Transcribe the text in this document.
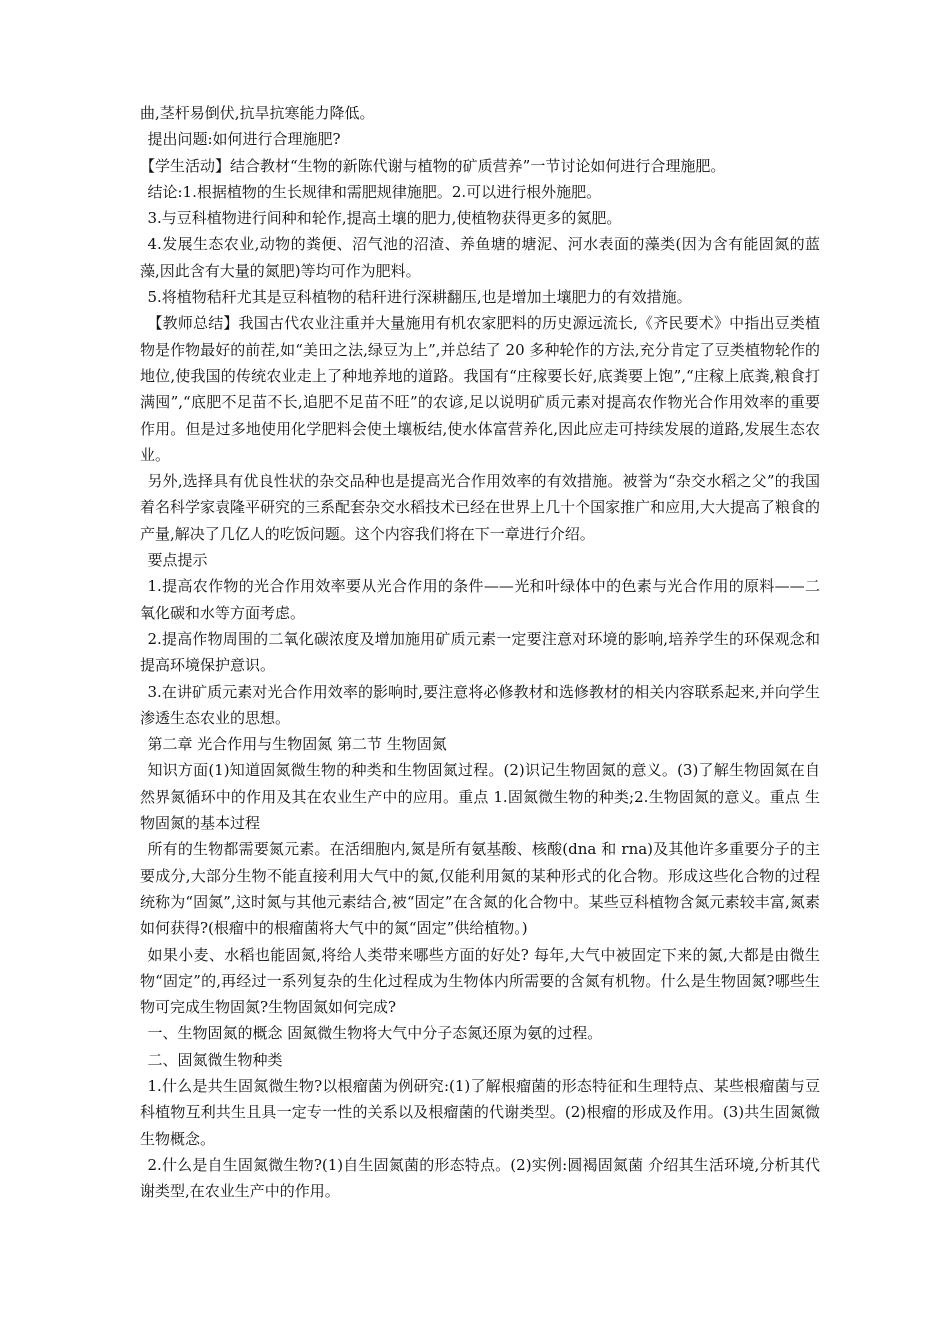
曲,茎杆易倒伏,抗旱抗寒能力降低。

提出问题:如何进行合理施肥?

【学生活动】结合教材“生物的新陈代谢与植物的矿质营养”一节讨论如何进行合理施肥。

结论:1.根据植物的生长规律和需肥规律施肥。2.可以进行根外施肥。

3.与豆科植物进行间种和轮作,提高土壤的肥力,使植物获得更多的氮肥。

4.发展生态农业,动物的粪便、沼气池的沼渣、养鱼塘的塘泥、河水表面的藻类(因为含有能固氮的蓝藻,因此含有大量的氮肥)等均可作为肥料。

5.将植物秸秆尤其是豆科植物的秸秆进行深耕翻压,也是增加土壤肥力的有效措施。

【教师总结】我国古代农业注重并大量施用有机农家肥料的历史源远流长,《齐民要术》中指出豆类植物是作物最好的前茬,如“美田之法,绿豆为上”,并总结了 20 多种轮作的方法,充分肯定了豆类植物轮作的地位,使我国的传统农业走上了种地养地的道路。我国有“庄稼要长好,底粪要上饱”,“庄稼上底粪,粮食打满囤”,“底肥不足苗不长,追肥不足苗不旺”的农谚,足以说明矿质元素对提高农作物光合作用效率的重要作用。但是过多地使用化学肥料会使土壤板结,使水体富营养化,因此应走可持续发展的道路,发展生态农业。

另外,选择具有优良性状的杂交品种也是提高光合作用效率的有效措施。被誉为“杂交水稻之父”的我国着名科学家袁隆平研究的三系配套杂交水稻技术已经在世界上几十个国家推广和应用,大大提高了粮食的产量,解决了几亿人的吃饭问题。这个内容我们将在下一章进行介绍。

要点提示

1.提高农作物的光合作用效率要从光合作用的条件——光和叶绿体中的色素与光合作用的原料——二氧化碳和水等方面考虑。

2.提高作物周围的二氧化碳浓度及增加施用矿质元素一定要注意对环境的影响,培养学生的环保观念和提高环境保护意识。

3.在讲矿质元素对光合作用效率的影响时,要注意将必修教材和选修教材的相关内容联系起来,并向学生渗透生态农业的思想。

第二章 光合作用与生物固氮 第二节 生物固氮

知识方面(1)知道固氮微生物的种类和生物固氮过程。(2)识记生物固氮的意义。(3)了解生物固氮在自然界氮循环中的作用及其在农业生产中的应用。重点 1.固氮微生物的种类;2.生物固氮的意义。重点 生物固氮的基本过程

所有的生物都需要氮元素。在活细胞内,氮是所有氨基酸、核酸(dna 和 rna)及其他许多重要分子的主要成分,大部分生物不能直接利用大气中的氮,仅能利用氮的某种形式的化合物。形成这些化合物的过程统称为“固氮”,这时氮与其他元素结合,被“固定”在含氮的化合物中。某些豆科植物含氮元素较丰富,氮素如何获得?(根瘤中的根瘤菌将大气中的氮“固定”供给植物。)

如果小麦、水稻也能固氮,将给人类带来哪些方面的好处? 每年,大气中被固定下来的氮,大都是由微生物“固定”的,再经过一系列复杂的生化过程成为生物体内所需要的含氮有机物。什么是生物固氮?哪些生物可完成生物固氮?生物固氮如何完成?

一、生物固氮的概念 固氮微生物将大气中分子态氮还原为氨的过程。

二、固氮微生物种类

1.什么是共生固氮微生物?以根瘤菌为例研究:(1)了解根瘤菌的形态特征和生理特点、某些根瘤菌与豆科植物互利共生且具一定专一性的关系以及根瘤菌的代谢类型。(2)根瘤的形成及作用。(3)共生固氮微生物概念。

2.什么是自生固氮微生物?(1)自生固氮菌的形态特点。(2)实例:圆褐固氮菌 介绍其生活环境,分析其代谢类型,在农业生产中的作用。
